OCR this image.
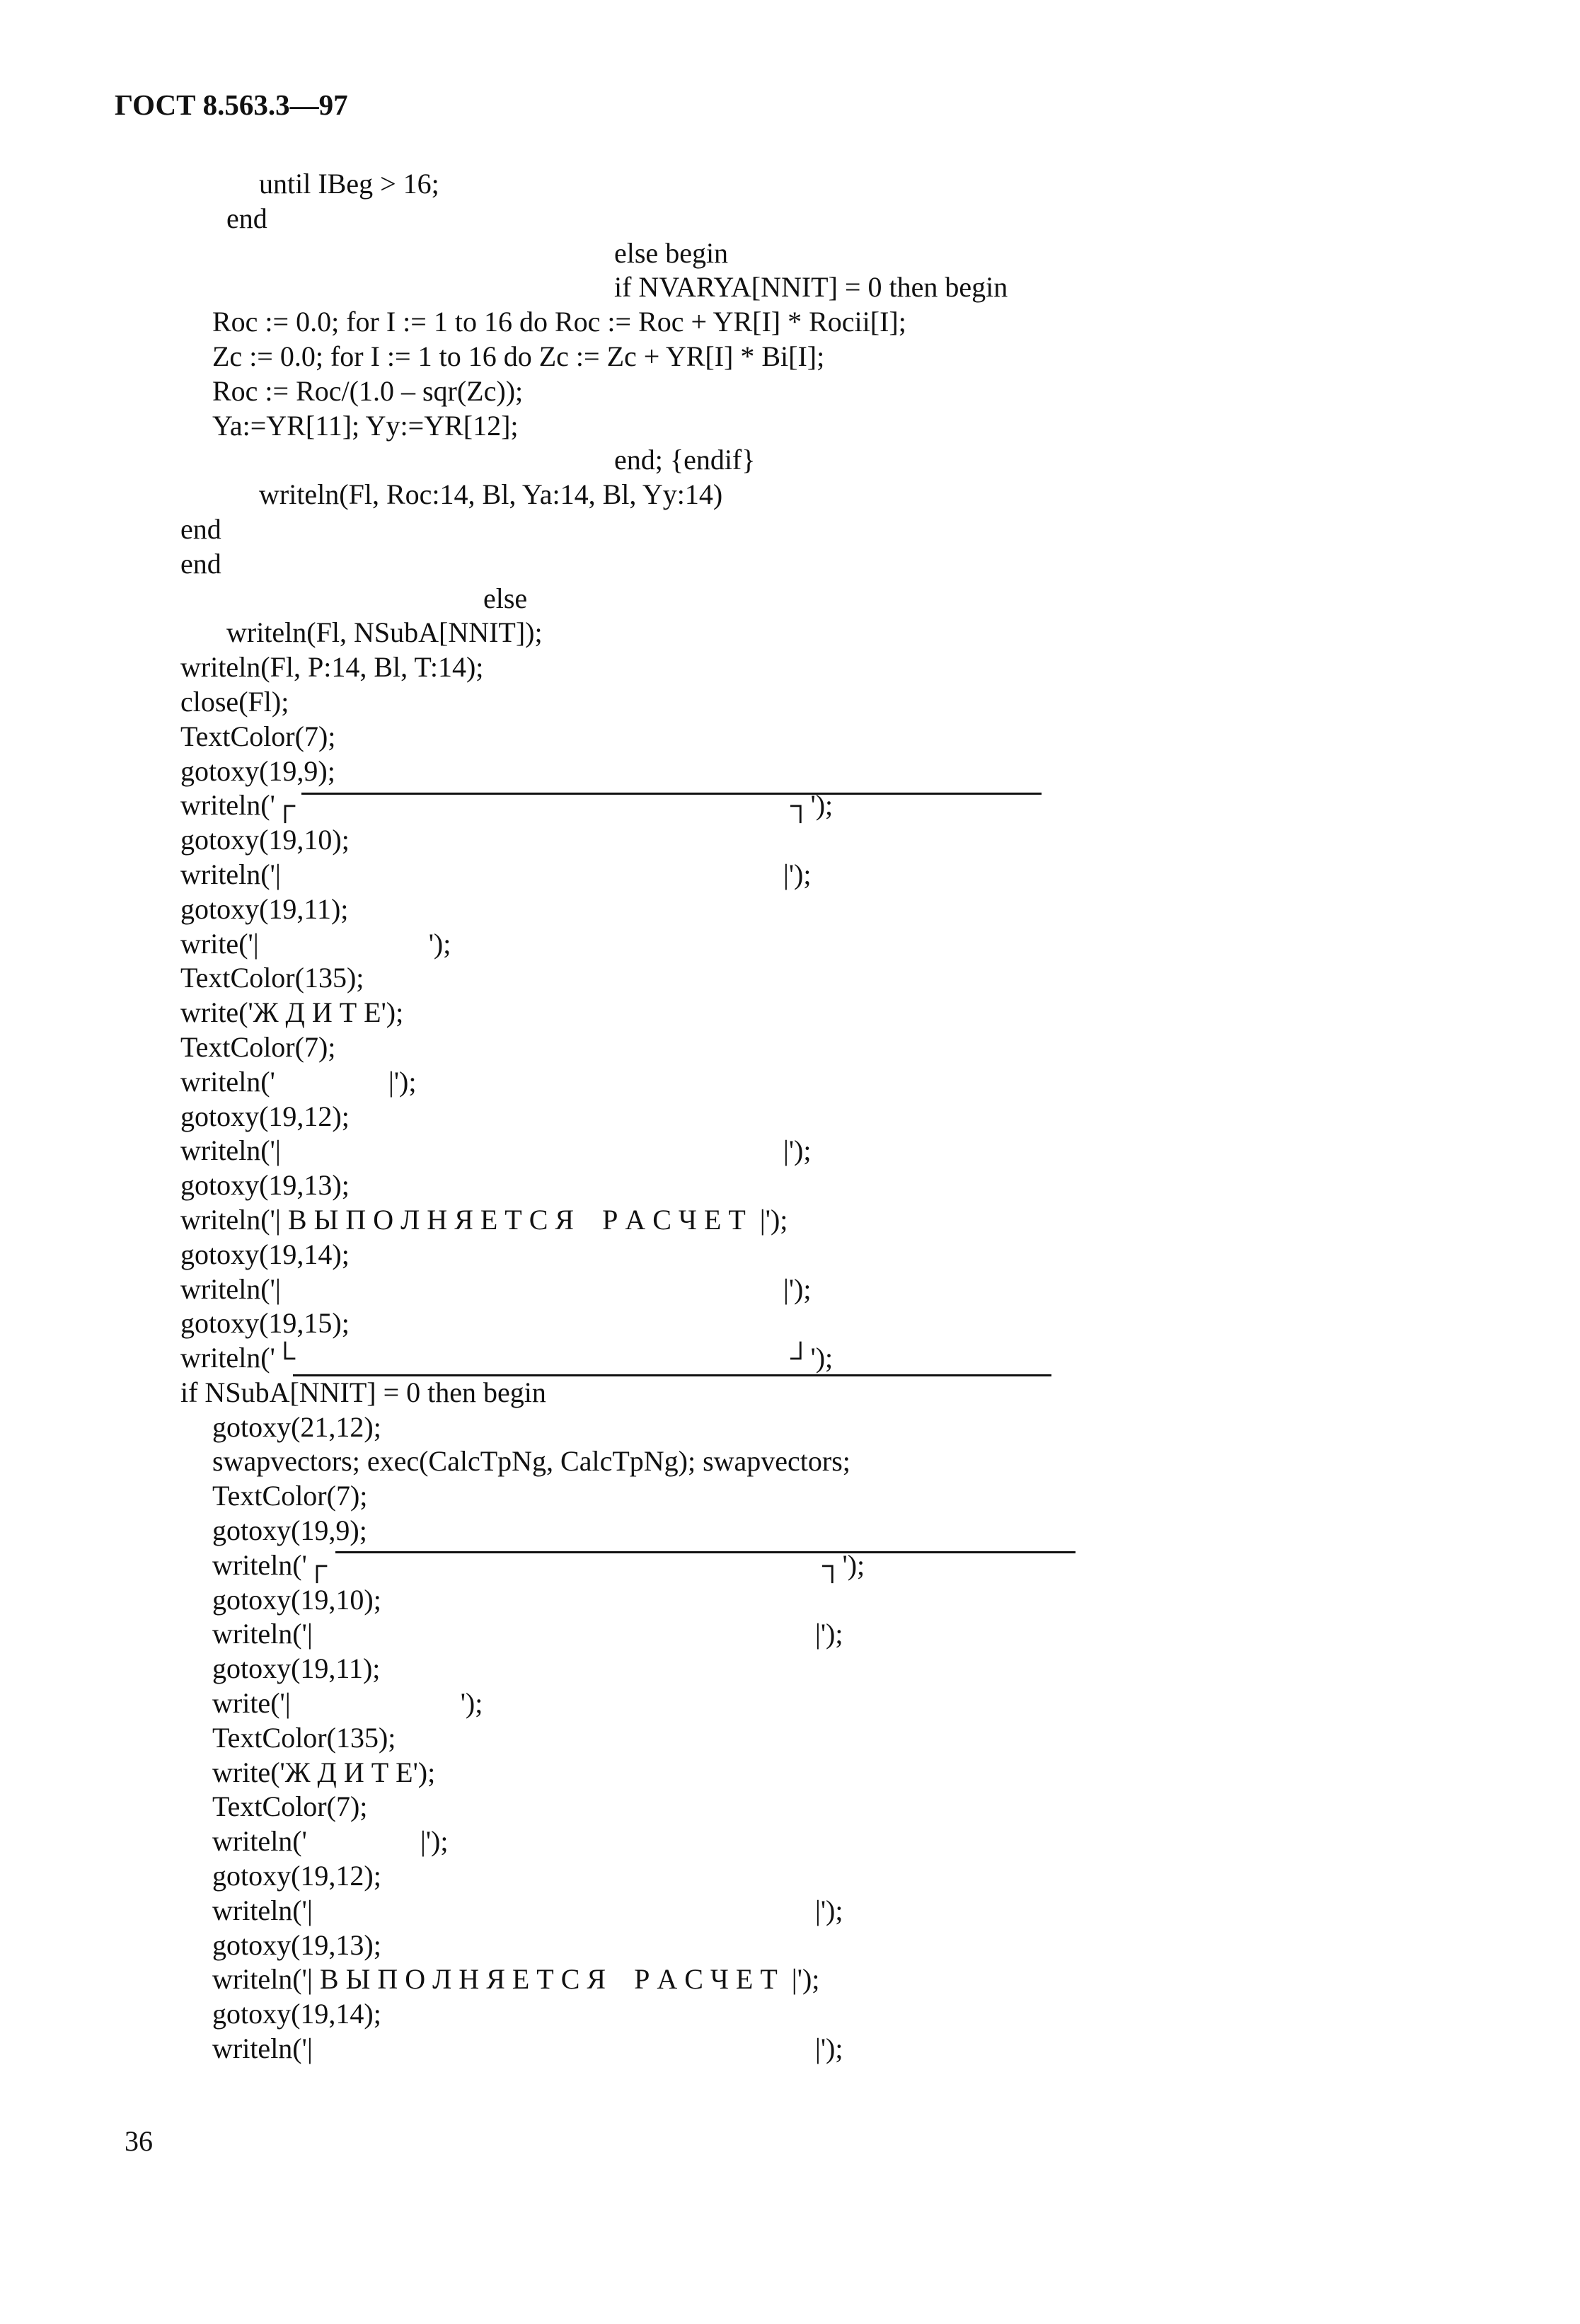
ГОСТ 8.563.3—97
until IBeg > 16;
end
else begin
if NVARYA[NNIT] = 0 then begin
Roc := 0.0; for I := 1 to 16 do Roc := Roc + YR[I] * Rocii[I];
Zc := 0.0; for I := 1 to 16 do Zc := Zc + YR[I] * Bi[I];
Roc := Roc/(1.0 – sqr(Zc));
Ya:=YR[11]; Yy:=YR[12];
end; {endif}
writeln(Fl, Roc:14, Bl, Ya:14, Bl, Yy:14)
end
end
else
writeln(Fl, NSubA[NNIT]);
writeln(Fl, P:14, Bl, T:14);
close(Fl);
TextColor(7);
gotoxy(19,9);
writeln('┌                                                                      ┐');
gotoxy(19,10);
writeln('|                                                                       |');
gotoxy(19,11);
write('|                        ');
TextColor(135);
write('Ж Д И Т Е');
TextColor(7);
writeln('                |');
gotoxy(19,12);
writeln('|                                                                       |');
gotoxy(19,13);
writeln('| В Ы П О Л Н Я Е Т С Я    Р А С Ч Е Т  |');
gotoxy(19,14);
writeln('|                                                                       |');
gotoxy(19,15);
writeln('└                                                                      ┘');
if NSubA[NNIT] = 0 then begin
gotoxy(21,12);
swapvectors; exec(CalcTpNg, CalcTpNg); swapvectors;
TextColor(7);
gotoxy(19,9);
writeln('┌                                                                      ┐');
gotoxy(19,10);
writeln('|                                                                       |');
gotoxy(19,11);
write('|                        ');
TextColor(135);
write('Ж Д И Т Е');
TextColor(7);
writeln('                |');
gotoxy(19,12);
writeln('|                                                                       |');
gotoxy(19,13);
writeln('| В Ы П О Л Н Я Е Т С Я    Р А С Ч Е Т  |');
gotoxy(19,14);
writeln('|                                                                       |');
36
